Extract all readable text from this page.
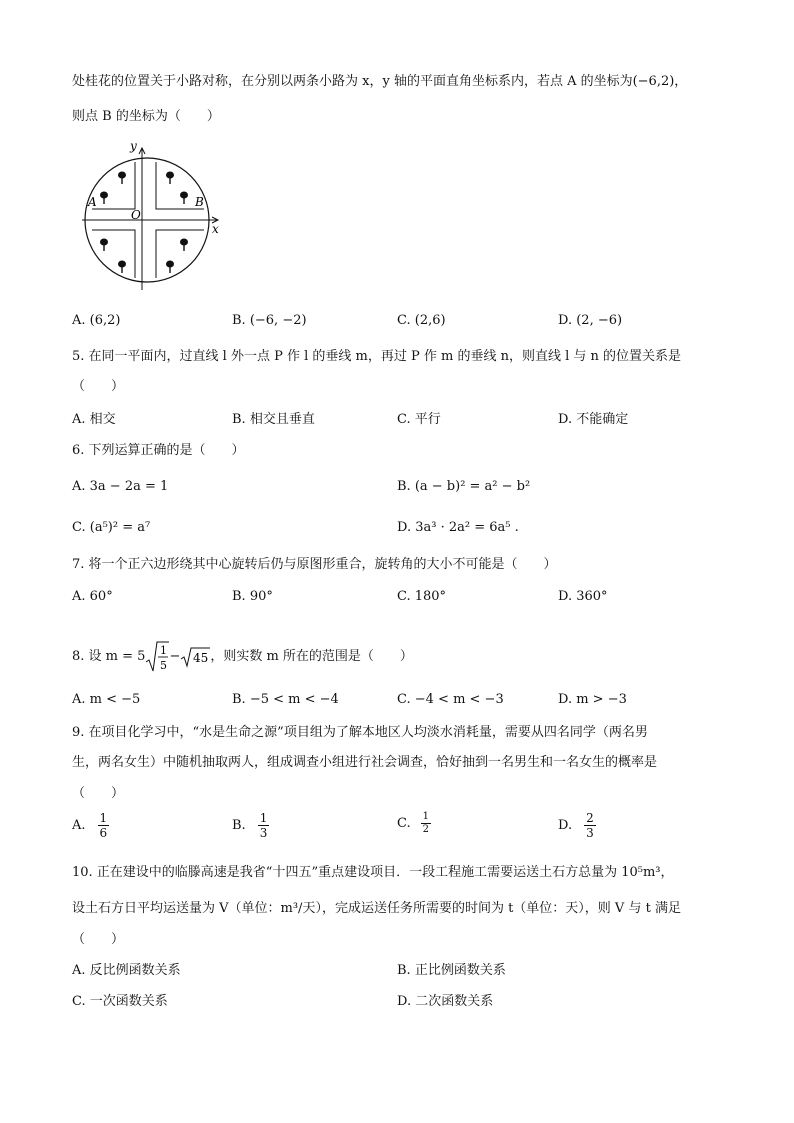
处桂花的位置关于小路对称，在分别以两条小路为 x，y 轴的平面直角坐标系内，若点 A 的坐标为(−6,2)，
则点 B 的坐标为（　　）
A	B
O
x
y
A. (6,2)	B. (−6, −2)	C. (2,6)	D. (2, −6)
5. 在同一平面内，过直线 l 外一点 P 作 l 的垂线 m，再过 P 作 m 的垂线 n，则直线 l 与 n 的位置关系是
（　　）
A. 相交	B. 相交且垂直	C. 平行	D. 不能确定
6. 下列运算正确的是（　　）
A. 3a − 2a = 1	B. (a − b)² = a² − b²
C. (a⁵)² = a⁷	D. 3a³ · 2a² = 6a⁵ .
7. 将一个正六边形绕其中心旋转后仍与原图形重合，旋转角的大小不可能是（　　）
A. 60°	B. 90°	C. 180°	D. 360°
8. 设 m = 5 1
5
− 45 ，则实数 m 所在的范围是（　　）
A. m < −5	B. −5 < m < −4	C. −4 < m < −3	D. m > −3
9. 在项目化学习中，“水是生命之源”项目组为了解本地区人均淡水消耗量，需要从四名同学（两名男
生，两名女生）中随机抽取两人，组成调查小组进行社会调查，恰好抽到一名男生和一名女生的概率是
（　　）
A. $\frac{1}{6}$	B. $\frac{1}{3}$	C. $\frac{1}{2}$	D. $\frac{2}{3}$
10. 正在建设中的临滕高速是我省“十四五”重点建设项目．一段工程施工需要运送土石方总量为 10⁵m³，
设土石方日平均运送量为 V（单位：m³/天），完成运送任务所需要的时间为 t（单位：天），则 V 与 t 满足
（　　）
A. 反比例函数关系	B. 正比例函数关系
C. 一次函数关系	D. 二次函数关系
